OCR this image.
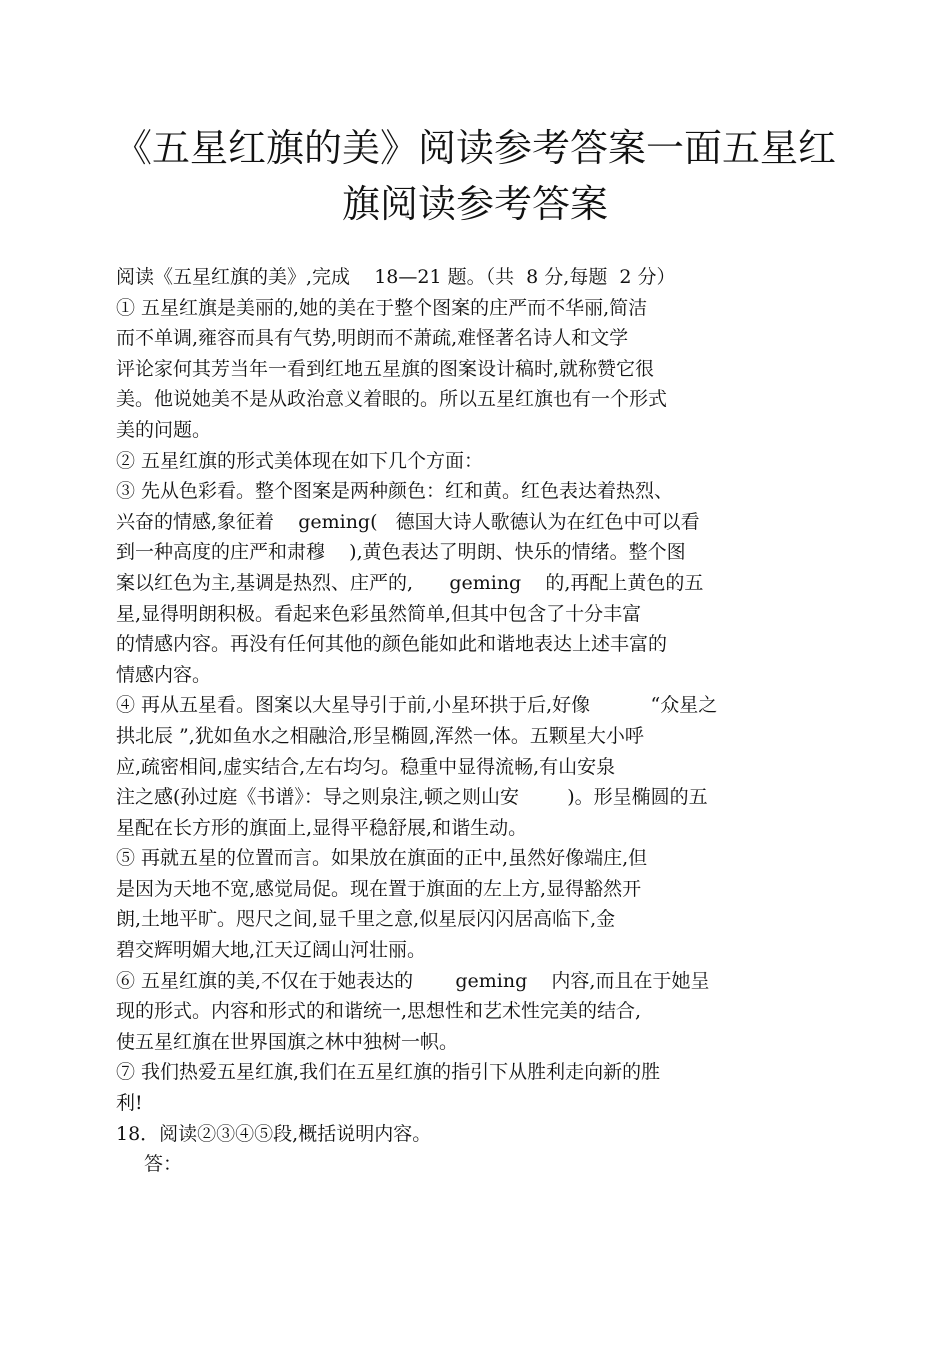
《五星红旗的美》阅读参考答案一面五星红
旗阅读参考答案
阅读《五星红旗的美》,完成    18—21 题。（共  8 分,每题  2 分）
① 五星红旗是美丽的,她的美在于整个图案的庄严而不华丽,简洁
而不单调,雍容而具有气势,明朗而不萧疏,难怪著名诗人和文学
评论家何其芳当年一看到红地五星旗的图案设计稿时,就称赞它很
美。他说她美不是从政治意义着眼的。所以五星红旗也有一个形式
美的问题。
② 五星红旗的形式美体现在如下几个方面：
③ 先从色彩看。整个图案是两种颜色：红和黄。红色表达着热烈、
兴奋的情感,象征着    geming(   德国大诗人歌德认为在红色中可以看
到一种高度的庄严和肃穆    ),黄色表达了明朗、快乐的情绪。整个图
案以红色为主,基调是热烈、庄严的,      geming    的,再配上黄色的五
星,显得明朗积极。看起来色彩虽然简单,但其中包含了十分丰富
的情感内容。再没有任何其他的颜色能如此和谐地表达上述丰富的
情感内容。
④ 再从五星看。图案以大星导引于前,小星环拱于后,好像          “众星之
拱北辰 ”,犹如鱼水之相融洽,形呈椭圆,浑然一体。五颗星大小呼
应,疏密相间,虚实结合,左右均匀。稳重中显得流畅,有山安泉
注之感(孙过庭《书谱》：导之则泉注,顿之则山安        )。形呈椭圆的五
星配在长方形的旗面上,显得平稳舒展,和谐生动。
⑤ 再就五星的位置而言。如果放在旗面的正中,虽然好像端庄,但
是因为天地不宽,感觉局促。现在置于旗面的左上方,显得豁然开
朗,土地平旷。咫尺之间,显千里之意,似星辰闪闪居高临下,金
碧交辉明媚大地,江天辽阔山河壮丽。
⑥ 五星红旗的美,不仅在于她表达的       geming    内容,而且在于她呈
现的形式。内容和形式的和谐统一,思想性和艺术性完美的结合,
使五星红旗在世界国旗之林中独树一帜。
⑦ 我们热爱五星红旗,我们在五星红旗的指引下从胜利走向新的胜
利!
18．阅读②③④⑤段,概括说明内容。
答：
